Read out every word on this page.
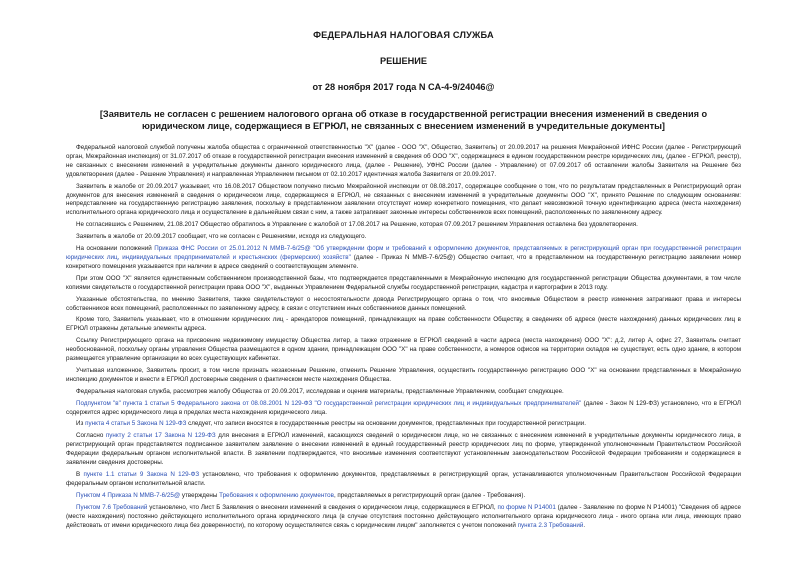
ФЕДЕРАЛЬНАЯ НАЛОГОВАЯ СЛУЖБА
РЕШЕНИЕ
от 28 ноября 2017 года N СА-4-9/24046@
[Заявитель не согласен с решением налогового органа об отказе в государственной регистрации внесения изменений в сведения о юридическом лице, содержащиеся в ЕГРЮЛ, не связанных с внесением изменений в учредительные документы]

Федеральной налоговой службой получены жалоба общества с ограниченной ответственностью "Х" (далее - ООО "Х", Общество, Заявитель) от 20.09.2017 на решения Межрайонной ИФНС России (далее - Регистрирующий орган, Межрайонная инспекция) от 31.07.2017 об отказе в государственной регистрации внесения изменений в сведения об ООО "Х", содержащиеся в едином государственном реестре юридических лиц, (далее - ЕГРЮЛ, реестр), не связанных с внесением изменений в учредительные документы данного юридического лица, (далее - Решение), УФНС России (далее - Управление) от 07.09.2017 об оставлении жалобы Заявителя на Решение без удовлетворения (далее - Решение Управления) и направленная Управлением письмом от 02.10.2017 идентичная жалоба Заявителя от 20.09.2017.

Заявитель в жалобе от 20.09.2017 указывает, что 16.08.2017 Обществом получено письмо Межрайонной инспекции от 08.08.2017, содержащее сообщение о том, что по результатам представленных в Регистрирующий орган документов для внесения изменений в сведения о юридическом лице, содержащиеся в ЕГРЮЛ, не связанных с внесением изменений в учредительные документы ООО "Х", принято Решение по следующим основаниям: непредставление на государственную регистрацию заявления, поскольку в представленном заявлении отсутствует номер конкретного помещения, что делает невозможной точную идентификацию адреса (места нахождения) исполнительного органа юридического лица и осуществление в дальнейшем связи с ним, а также затрагивает законные интересы собственников всех помещений, расположенных по заявленному адресу.

Не согласившись с Решением, 21.08.2017 Общество обратилось в Управление с жалобой от 17.08.2017 на Решение, которая 07.09.2017 решением Управления оставлена без удовлетворения.

Заявитель в жалобе от 20.09.2017 сообщает, что не согласен с Решениями, исходя из следующего.

На основании положений Приказа ФНС России от 25.01.2012 N ММВ-7-6/25@ "Об утверждении форм и требований к оформлению документов, представляемых в регистрирующий орган при государственной регистрации юридических лиц, индивидуальных предпринимателей и крестьянских (фермерских) хозяйств" (далее - Приказ N ММВ-7-6/25@) Общество считает, что в представленном на государственную регистрацию заявлении номер конкретного помещения указывается при наличии в адресе сведений о соответствующем элементе.

При этом ООО "Х" является единственным собственником производственной базы, что подтверждается представленными в Межрайонную инспекцию для государственной регистрации Общества документами, в том числе копиями свидетельств о государственной регистрации права ООО "Х", выданных Управлением Федеральной службы государственной регистрации, кадастра и картографии в 2013 году.

Указанные обстоятельства, по мнению Заявителя, также свидетельствуют о несостоятельности довода Регистрирующего органа о том, что вносимые Обществом в реестр изменения затрагивают права и интересы собственников всех помещений, расположенных по заявленному адресу, в связи с отсутствием иных собственников данных помещений.

Кроме того, Заявитель указывает, что в отношении юридических лиц - арендаторов помещений, принадлежащих на праве собственности Обществу, в сведениях об адресе (месте нахождения) данных юридических лиц в ЕГРЮЛ отражены детальные элементы адреса.

Ссылку Регистрирующего органа на присвоение недвижимому имуществу Общества литер, а также отражение в ЕГРЮЛ сведений в части адреса (места нахождения) ООО "Х": д.2, литер А, офис 27, Заявитель считает необоснованной, поскольку органы управления Общества размещаются в одном здании, принадлежащем ООО "Х" на праве собственности, а номеров офисов на территории складов не существует, есть одно здание, в котором размещается управление организации во всех существующих кабинетах.

Учитывая изложенное, Заявитель просит, в том числе признать незаконным Решение, отменить Решение Управления, осуществить государственную регистрацию ООО "Х" на основании представленных в Межрайонную инспекцию документов и внести в ЕГРЮЛ достоверные сведения о фактическом месте нахождения Общества.

Федеральная налоговая служба, рассмотрев жалобу Общества от 20.09.2017, исследовав и оценив материалы, представленные Управлением, сообщает следующее.

Подпунктом "в" пункта 1 статьи 5 Федерального закона от 08.08.2001 N 129-ФЗ "О государственной регистрации юридических лиц и индивидуальных предпринимателей" (далее - Закон N 129-ФЗ) установлено, что в ЕГРЮЛ содержится адрес юридического лица в пределах места нахождения юридического лица.

Из пункта 4 статьи 5 Закона N 129-ФЗ следует, что записи вносятся в государственные реестры на основании документов, представленных при государственной регистрации.

Согласно пункту 2 статьи 17 Закона N 129-ФЗ для внесения в ЕГРЮЛ изменений, касающихся сведений о юридическом лице, но не связанных с внесением изменений в учредительные документы юридического лица, в регистрирующий орган представляется подписанное заявителем заявление о внесении изменений в единый государственный реестр юридических лиц по форме, утвержденной уполномоченным Правительством Российской Федерации федеральным органом исполнительной власти. В заявлении подтверждается, что вносимые изменения соответствуют установленным законодательством Российской Федерации требованиям и содержащиеся в заявлении сведения достоверны.

В пункте 1.1 статьи 9 Закона N 129-ФЗ установлено, что требования к оформлению документов, представляемых в регистрирующий орган, устанавливаются уполномоченным Правительством Российской Федерации федеральным органом исполнительной власти.

Пунктом 4 Приказа N ММВ-7-6/25@ утверждены Требования к оформлению документов, представляемых в регистрирующий орган (далее - Требования).

Пунктом 7.6 Требований установлено, что Лист Б Заявления о внесении изменений в сведения о юридическом лице, содержащиеся в ЕГРЮЛ, по форме N Р14001 (далее - Заявление по форме N Р14001) "Сведения об адресе (месте нахождения) постоянно действующего исполнительного органа юридического лица (в случае отсутствия постоянно действующего исполнительного органа юридического лица - иного органа или лица, имеющих право действовать от имени юридического лица без доверенности), по которому осуществляется связь с юридическим лицом" заполняется с учетом положений пункта 2.3 Требований.
